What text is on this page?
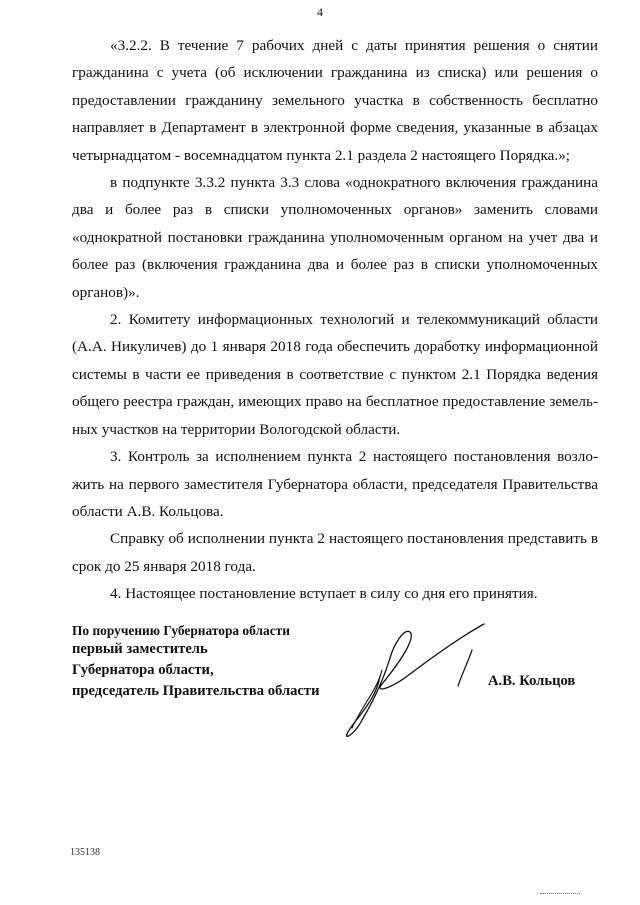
4

«3.2.2. В течение 7 рабочих дней с даты принятия решения о снятии гражданина с учета (об исключении гражданина из списка) или решения о предоставлении гражданину земельного участка в собственность бесплатно направляет в Департамент в электронной форме сведения, указанные в абзацах четырнадцатом - восемнадцатом пункта 2.1 раздела 2 настоящего Порядка.»;

в подпункте 3.3.2 пункта 3.3 слова «однократного включения гражданина два и более раз в списки уполномоченных органов» заменить словами «однократной постановки гражданина уполномоченным органом на учет два и более раз (включения гражданина два и более раз в списки уполномоченных органов)».

2. Комитету информационных технологий и телекоммуникаций области (А.А. Никуличев) до 1 января 2018 года обеспечить доработку информационной системы в части ее приведения в соответствие с пунктом 2.1 Порядка ведения общего реестра граждан, имеющих право на бесплатное предоставление земельных участков на территории Вологодской области.

3. Контроль за исполнением пункта 2 настоящего постановления возложить на первого заместителя Губернатора области, председателя Правительства области А.В. Кольцова.

Справку об исполнении пункта 2 настоящего постановления представить в срок до 25 января 2018 года.

4. Настоящее постановление вступает в силу со дня его принятия.

По поручению Губернатора области
первый заместитель
Губернатора области,
председатель Правительства области
А.В. Кольцов
135138
